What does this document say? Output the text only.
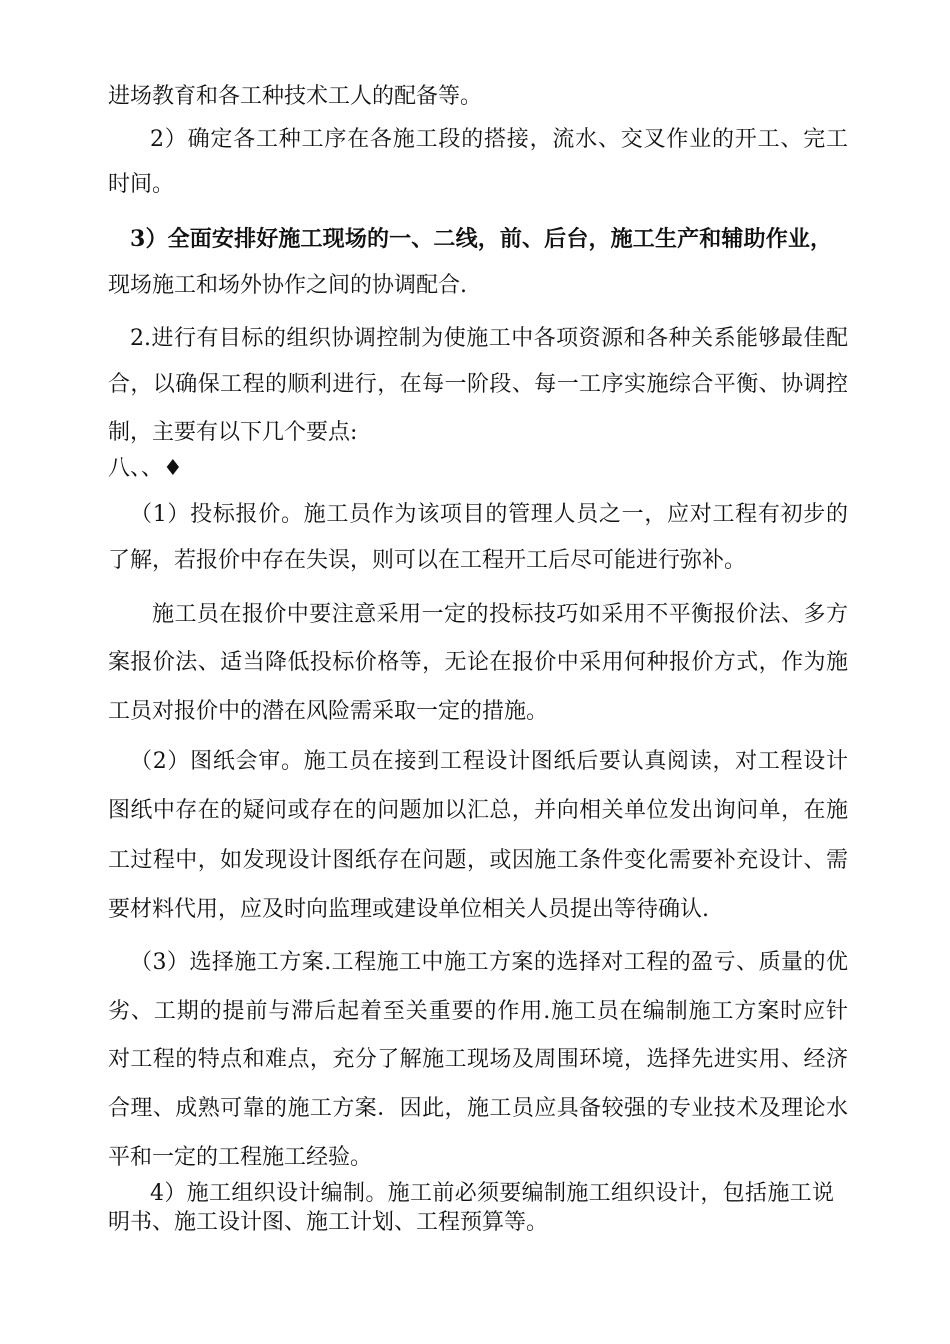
进场教育和各工种技术工人的配备等。
2）确定各工种工序在各施工段的搭接，流水、交叉作业的开工、完工
时间。
3）全面安排好施工现场的一、二线，前、后台，施工生产和辅助作业，
现场施工和场外协作之间的协调配合.
2.进行有目标的组织协调控制为使施工中各项资源和各种关系能够最佳配
合，以确保工程的顺利进行，在每一阶段、每一工序实施综合平衡、协调控
制，主要有以下几个要点:
八、、♦
（1）投标报价。施工员作为该项目的管理人员之一，应对工程有初步的
了解，若报价中存在失误，则可以在工程开工后尽可能进行弥补。
施工员在报价中要注意采用一定的投标技巧如采用不平衡报价法、多方
案报价法、适当降低投标价格等，无论在报价中采用何种报价方式，作为施
工员对报价中的潜在风险需采取一定的措施。
（2）图纸会审。施工员在接到工程设计图纸后要认真阅读，对工程设计
图纸中存在的疑问或存在的问题加以汇总，并向相关单位发出询问单，在施
工过程中，如发现设计图纸存在问题，或因施工条件变化需要补充设计、需
要材料代用，应及时向监理或建设单位相关人员提出等待确认.
（3）选择施工方案.工程施工中施工方案的选择对工程的盈亏、质量的优
劣、工期的提前与滞后起着至关重要的作用.施工员在编制施工方案时应针
对工程的特点和难点，充分了解施工现场及周围环境，选择先进实用、经济
合理、成熟可靠的施工方案．因此，施工员应具备较强的专业技术及理论水
平和一定的工程施工经验。
4）施工组织设计编制。施工前必须要编制施工组织设计，包括施工说
明书、施工设计图、施工计划、工程预算等。
